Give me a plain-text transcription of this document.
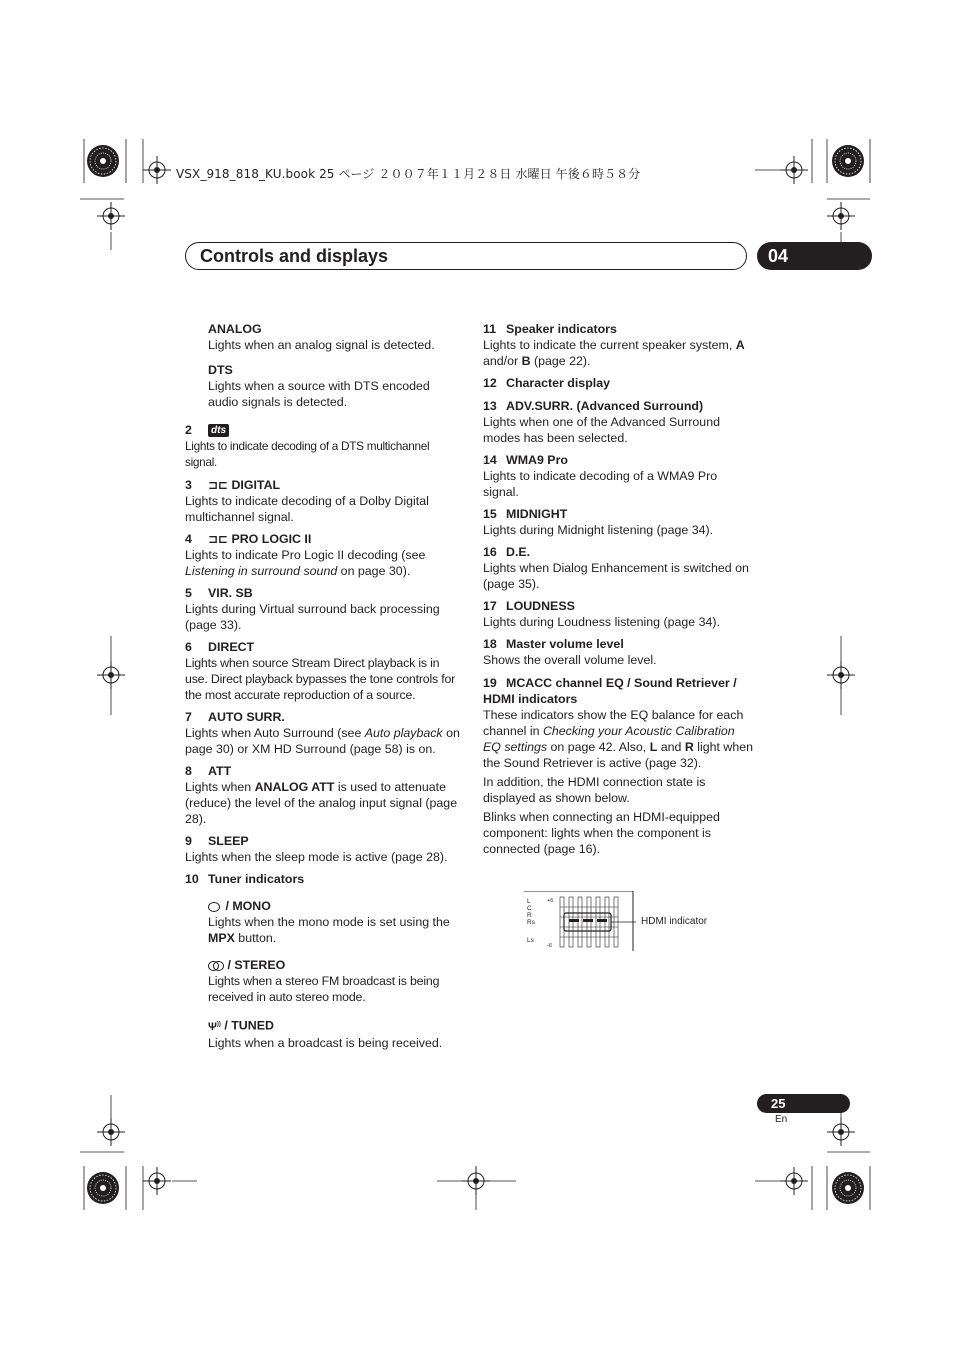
VSX_918_818_KU.book 25 ページ ２００７年１１月２８日 水曜日 午後６時５８分
Controls and displays	04

ANALOG

Lights when an analog signal is detected.

DTS

Lights when a source with DTS encoded audio signals is detected.

2 dts

Lights to indicate decoding of a DTS multichannel signal.

3 ⊐⊏ DIGITAL

Lights to indicate decoding of a Dolby Digital multichannel signal.

4 ⊐⊏ PRO LOGIC II

Lights to indicate Pro Logic II decoding (see Listening in surround sound on page 30).

5 VIR. SB

Lights during Virtual surround back processing (page 33).

6 DIRECT

Lights when source Stream Direct playback is in use. Direct playback bypasses the tone controls for the most accurate reproduction of a source.

7 AUTO SURR.

Lights when Auto Surround (see Auto playback on page 30) or XM HD Surround (page 58) is on.

8 ATT

Lights when ANALOG ATT is used to attenuate (reduce) the level of the analog input signal (page 28).

9 SLEEP

Lights when the sleep mode is active (page 28).

10 Tuner indicators

/ MONO

Lights when the mono mode is set using the MPX button.

/ STEREO

Lights when a stereo FM broadcast is being received in auto stereo mode.

Ψ)) / TUNED

Lights when a broadcast is being received.

11 Speaker indicators

Lights to indicate the current speaker system, A and/or B (page 22).

12 Character display

13 ADV.SURR. (Advanced Surround)

Lights when one of the Advanced Surround modes has been selected.

14 WMA9 Pro

Lights to indicate decoding of a WMA9 Pro signal.

15 MIDNIGHT

Lights during Midnight listening (page 34).

16 D.E.

Lights when Dialog Enhancement is switched on (page 35).

17 LOUDNESS

Lights during Loudness listening (page 34).

18 Master volume level

Shows the overall volume level.

19 MCACC channel EQ / Sound Retriever /

HDMI indicators

These indicators show the EQ balance for each channel in Checking your Acoustic Calibration EQ settings on page 42. Also, L and R light when the Sound Retriever is active (page 32).

In addition, the HDMI connection state is displayed as shown below.

Blinks when connecting an HDMI-equipped component: lights when the component is connected (page 16).

L
C
R
Rs
Ls
+6
-6
HDMI indicator
25
En
